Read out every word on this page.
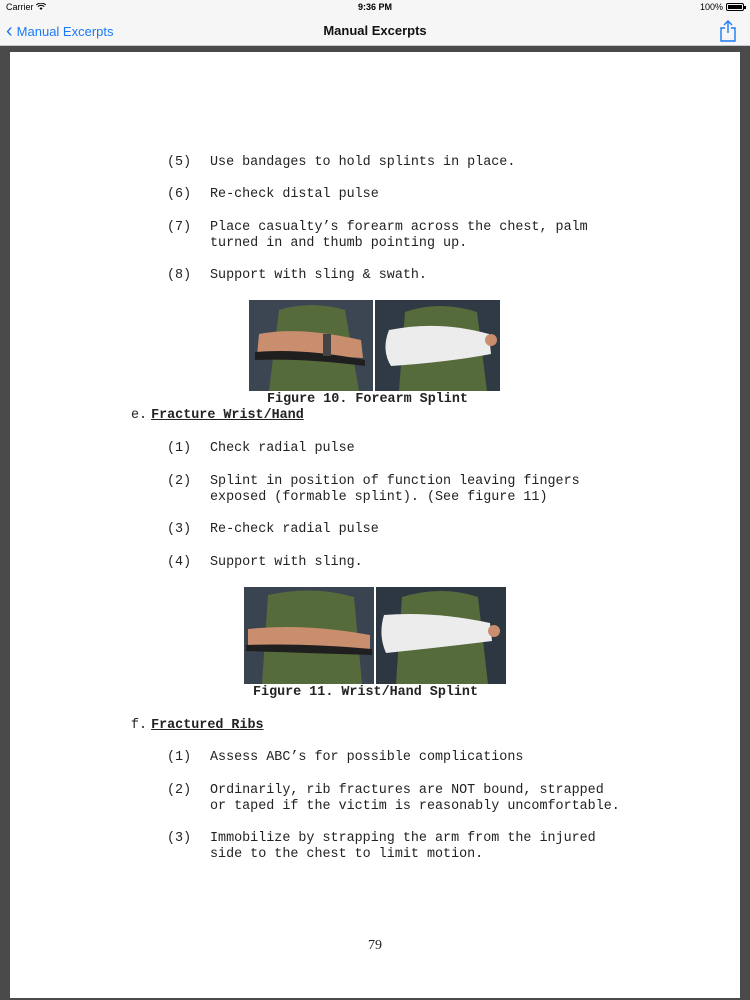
Carrier	9:36 PM	100%
‹ Manual Excerpts	Manual Excerpts
(5) Use bandages to hold splints in place.
(6) Re-check distal pulse
(7) Place casualty’s forearm across the chest, palm
turned in and thumb pointing up.
(8) Support with sling & swath.
Figure 10. Forearm Splint
e. Fracture Wrist/Hand
(1) Check radial pulse
(2) Splint in position of function leaving fingers
exposed (formable splint). (See figure 11)
(3) Re-check radial pulse
(4) Support with sling.
Figure 11. Wrist/Hand Splint
f. Fractured Ribs
(1) Assess ABC’s for possible complications
(2) Ordinarily, rib fractures are NOT bound, strapped
or taped if the victim is reasonably uncomfortable.
(3) Immobilize by strapping the arm from the injured
side to the chest to limit motion.
79
